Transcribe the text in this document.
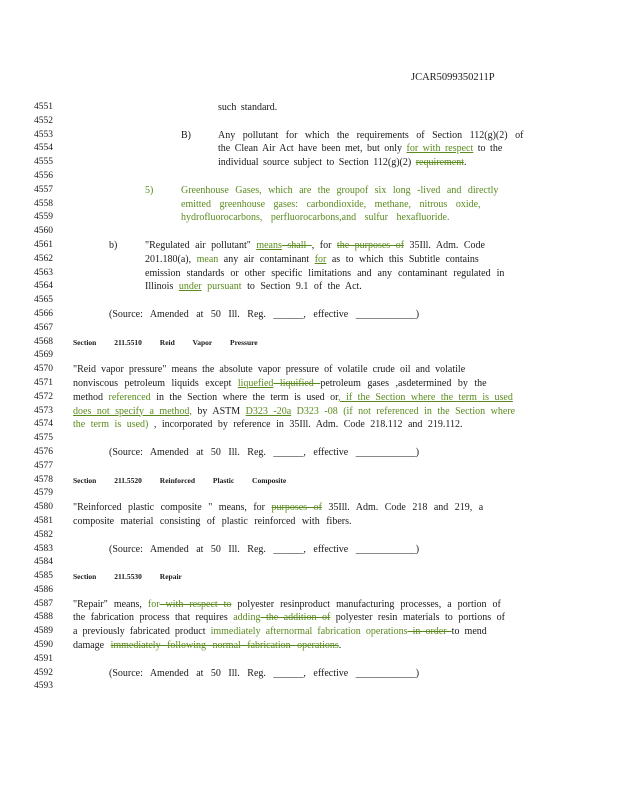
JCAR5099350211P
4551	such standard.
4552
4553	B)	Any pollutant for which the requirements of Section 112(g)(2) of
4554	the Clean Air Act have been met, but only for with respect to the
4555	individual source subject to Section 112(g)(2) requirement.
4556
4557	5)	Greenhouse Gases, which are the groupof six long -lived and directly
4558	emitted greenhouse gases: carbondioxide, methane, nitrous oxide,
4559	hydrofluorocarbons, perfluorocarbons,and sulfur hexafluoride.
4560
4561	b)	"Regulated air pollutant" means shall , for the purposes of 35Ill. Adm. Code
4562	201.180(a), mean any air contaminant for as to which this Subtitle contains
4563	emission standards or other specific limitations and any contaminant regulated in
4564	Illinois under pursuant to Section 9.1 of the Act.
4565
4566	(Source: Amended at 50 Ill. Reg. ______, effective ____________)
4567
4568	Section 211.5510 Reid Vapor Pressure
4569
4570	"Reid vapor pressure" means the absolute vapor pressure of volatile crude oil and volatile
4571	nonviscous petroleum liquids except liquefied liquified petroleum gases ,asdetermined by the
4572	method referenced in the Section where the term is used or, if the Section where the term is used
4573	does not specify a method, by ASTM D323 -20a D323 -08 (if not referenced in the Section where
4574	the term is used) , incorporated by reference in 35Ill. Adm. Code 218.112 and 219.112.
4575
4576	(Source: Amended at 50 Ill. Reg. ______, effective ____________)
4577
4578	Section 211.5520 Reinforced Plastic Composite
4579
4580	"Reinforced plastic composite " means, for purposes of 35Ill. Adm. Code 218 and 219, a
4581	composite material consisting of plastic reinforced with fibers.
4582
4583	(Source: Amended at 50 Ill. Reg. ______, effective ____________)
4584
4585	Section 211.5530 Repair
4586
4587	"Repair" means, for with respect to polyester resinproduct manufacturing processes, a portion of
4588	the fabrication process that requires adding the addition of polyester resin materials to portions of
4589	a previously fabricated product immediately afternormal fabrication operations in order to mend
4590	damage immediately following normal fabrication operations.
4591
4592	(Source: Amended at 50 Ill. Reg. ______, effective ____________)
4593
